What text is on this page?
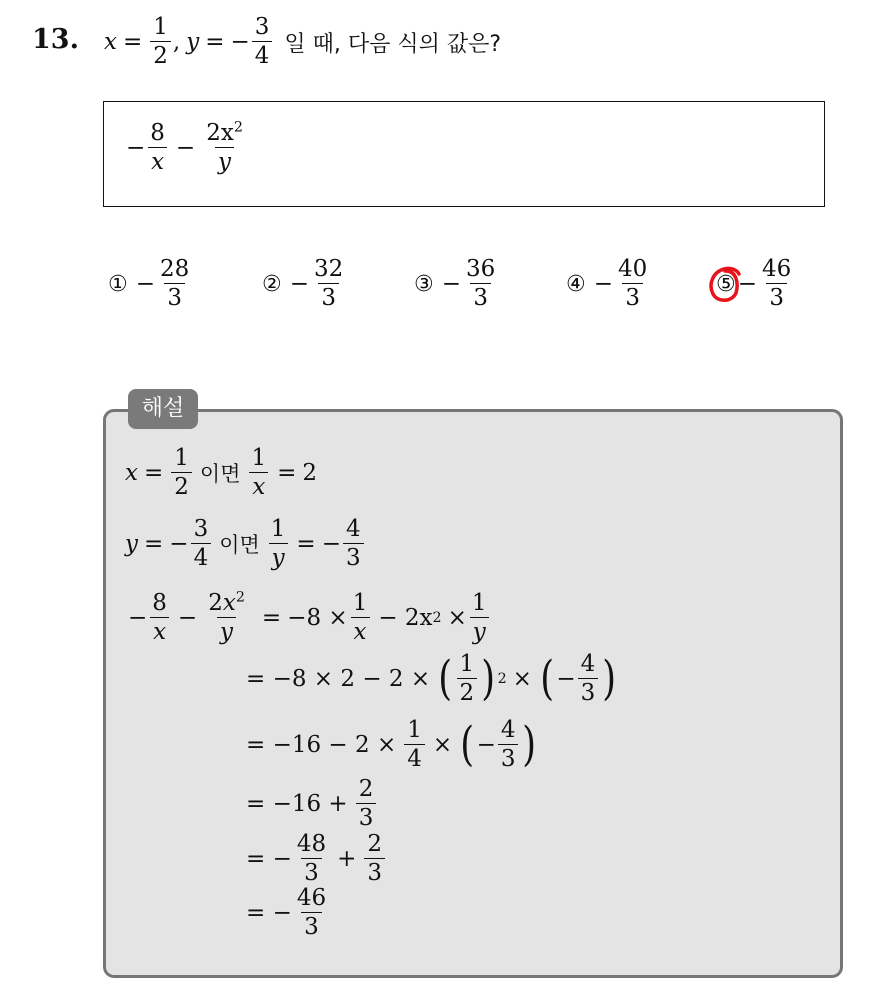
13. $x = \frac{1}{2}$ , y = − $\frac{3}{4}$ 일 때, 다음 식의 값은?
− $\frac{8}{x} - \frac{2x^2}{y}$
① − $\frac{28}{3}$	② − $\frac{32}{3}$	③ − $\frac{36}{3}$	④ − $\frac{40}{3}$	⑤ − $\frac{46}{3}$
해설
$x = \frac{1}{2}$ 이면 $\frac{1}{x} = 2$
y = − $\frac{3}{4}$ 이면 $\frac{1}{y}$ = − $\frac{4}{3}$
− $\frac{8}{x} - \frac{2x^2}{y} = -8 \times \frac{1}{x} - 2x$ $2 \times \frac{1}{y}$
= −8 × 2 − 2 × ( $\frac{1}{2}$ ) 2 × ( − $\frac{4}{3}$ )
= $-16 - 2 \times \frac{1}{4}$ × ( − $\frac{4}{3}$ )
= $-16 + \frac{2}{3}$
= − $\frac{48}{3} + \frac{2}{3}$
= − $\frac{46}{3}$
